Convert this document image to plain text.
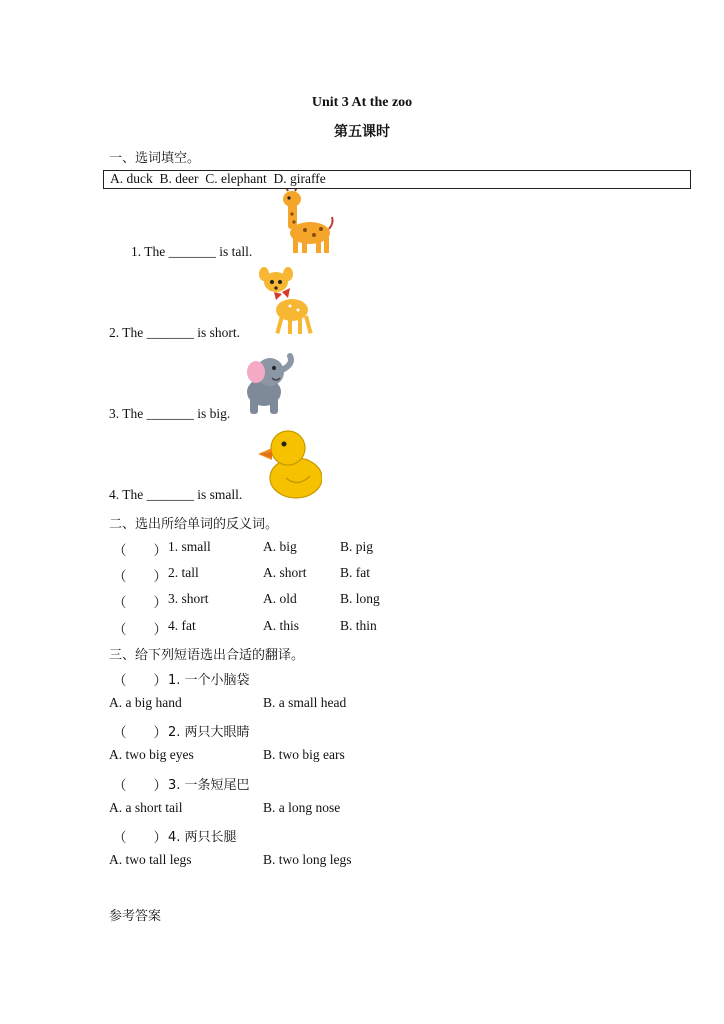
Unit 3 At the zoo
第五课时
一、选词填空。
A. duck  B. deer  C. elephant  D. giraffe
1. The _______ is tall.
2. The _______ is short.
3. The _______ is big.
4. The _______ is small.
二、选出所给单词的反义词。
（        ） 1. small	A. big	B. pig
（        ） 2. tall	A. short B. fat
（        ） 3. short	A. old	B. long
（        ） 4. fat	A. this	B. thin
三、给下列短语选出合适的翻译。
（        ） 1. 一个小脑袋
A. a big hand	B. a small head
（        ） 2. 两只大眼睛
A. two big eyes	B. two big ears
（        ） 3. 一条短尾巴
A. a short tail	B. a long nose
（        ） 4. 两只长腿
A. two tall legs	B. two long legs
参考答案
